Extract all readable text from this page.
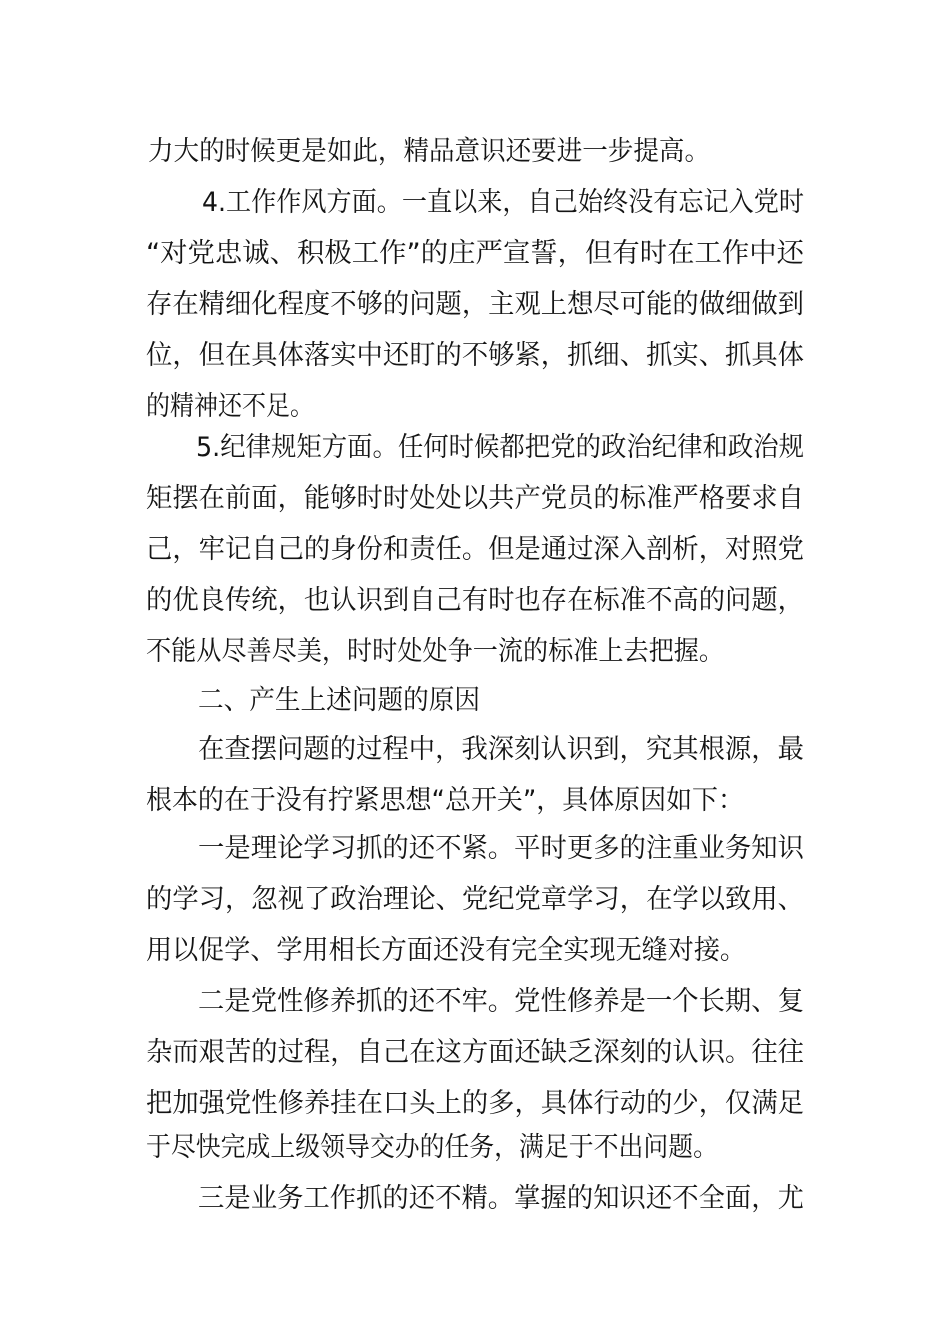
力大的时候更是如此，精品意识还要进一步提高。

4.工作作风方面。一直以来，自己始终没有忘记入党时

“对党忠诚、积极工作”的庄严宣誓，但有时在工作中还

存在精细化程度不够的问题，主观上想尽可能的做细做到

位，但在具体落实中还盯的不够紧，抓细、抓实、抓具体

的精神还不足。

5.纪律规矩方面。任何时候都把党的政治纪律和政治规

矩摆在前面，能够时时处处以共产党员的标准严格要求自

己，牢记自己的身份和责任。但是通过深入剖析，对照党

的优良传统，也认识到自己有时也存在标准不高的问题，

不能从尽善尽美，时时处处争一流的标准上去把握。

二、产生上述问题的原因

在查摆问题的过程中，我深刻认识到，究其根源，最

根本的在于没有拧紧思想“总开关”，具体原因如下：

一是理论学习抓的还不紧。平时更多的注重业务知识

的学习，忽视了政治理论、党纪党章学习，在学以致用、

用以促学、学用相长方面还没有完全实现无缝对接。

二是党性修养抓的还不牢。党性修养是一个长期、复

杂而艰苦的过程，自己在这方面还缺乏深刻的认识。往往

把加强党性修养挂在口头上的多，具体行动的少，仅满足

于尽快完成上级领导交办的任务，满足于不出问题。

三是业务工作抓的还不精。掌握的知识还不全面，尤
